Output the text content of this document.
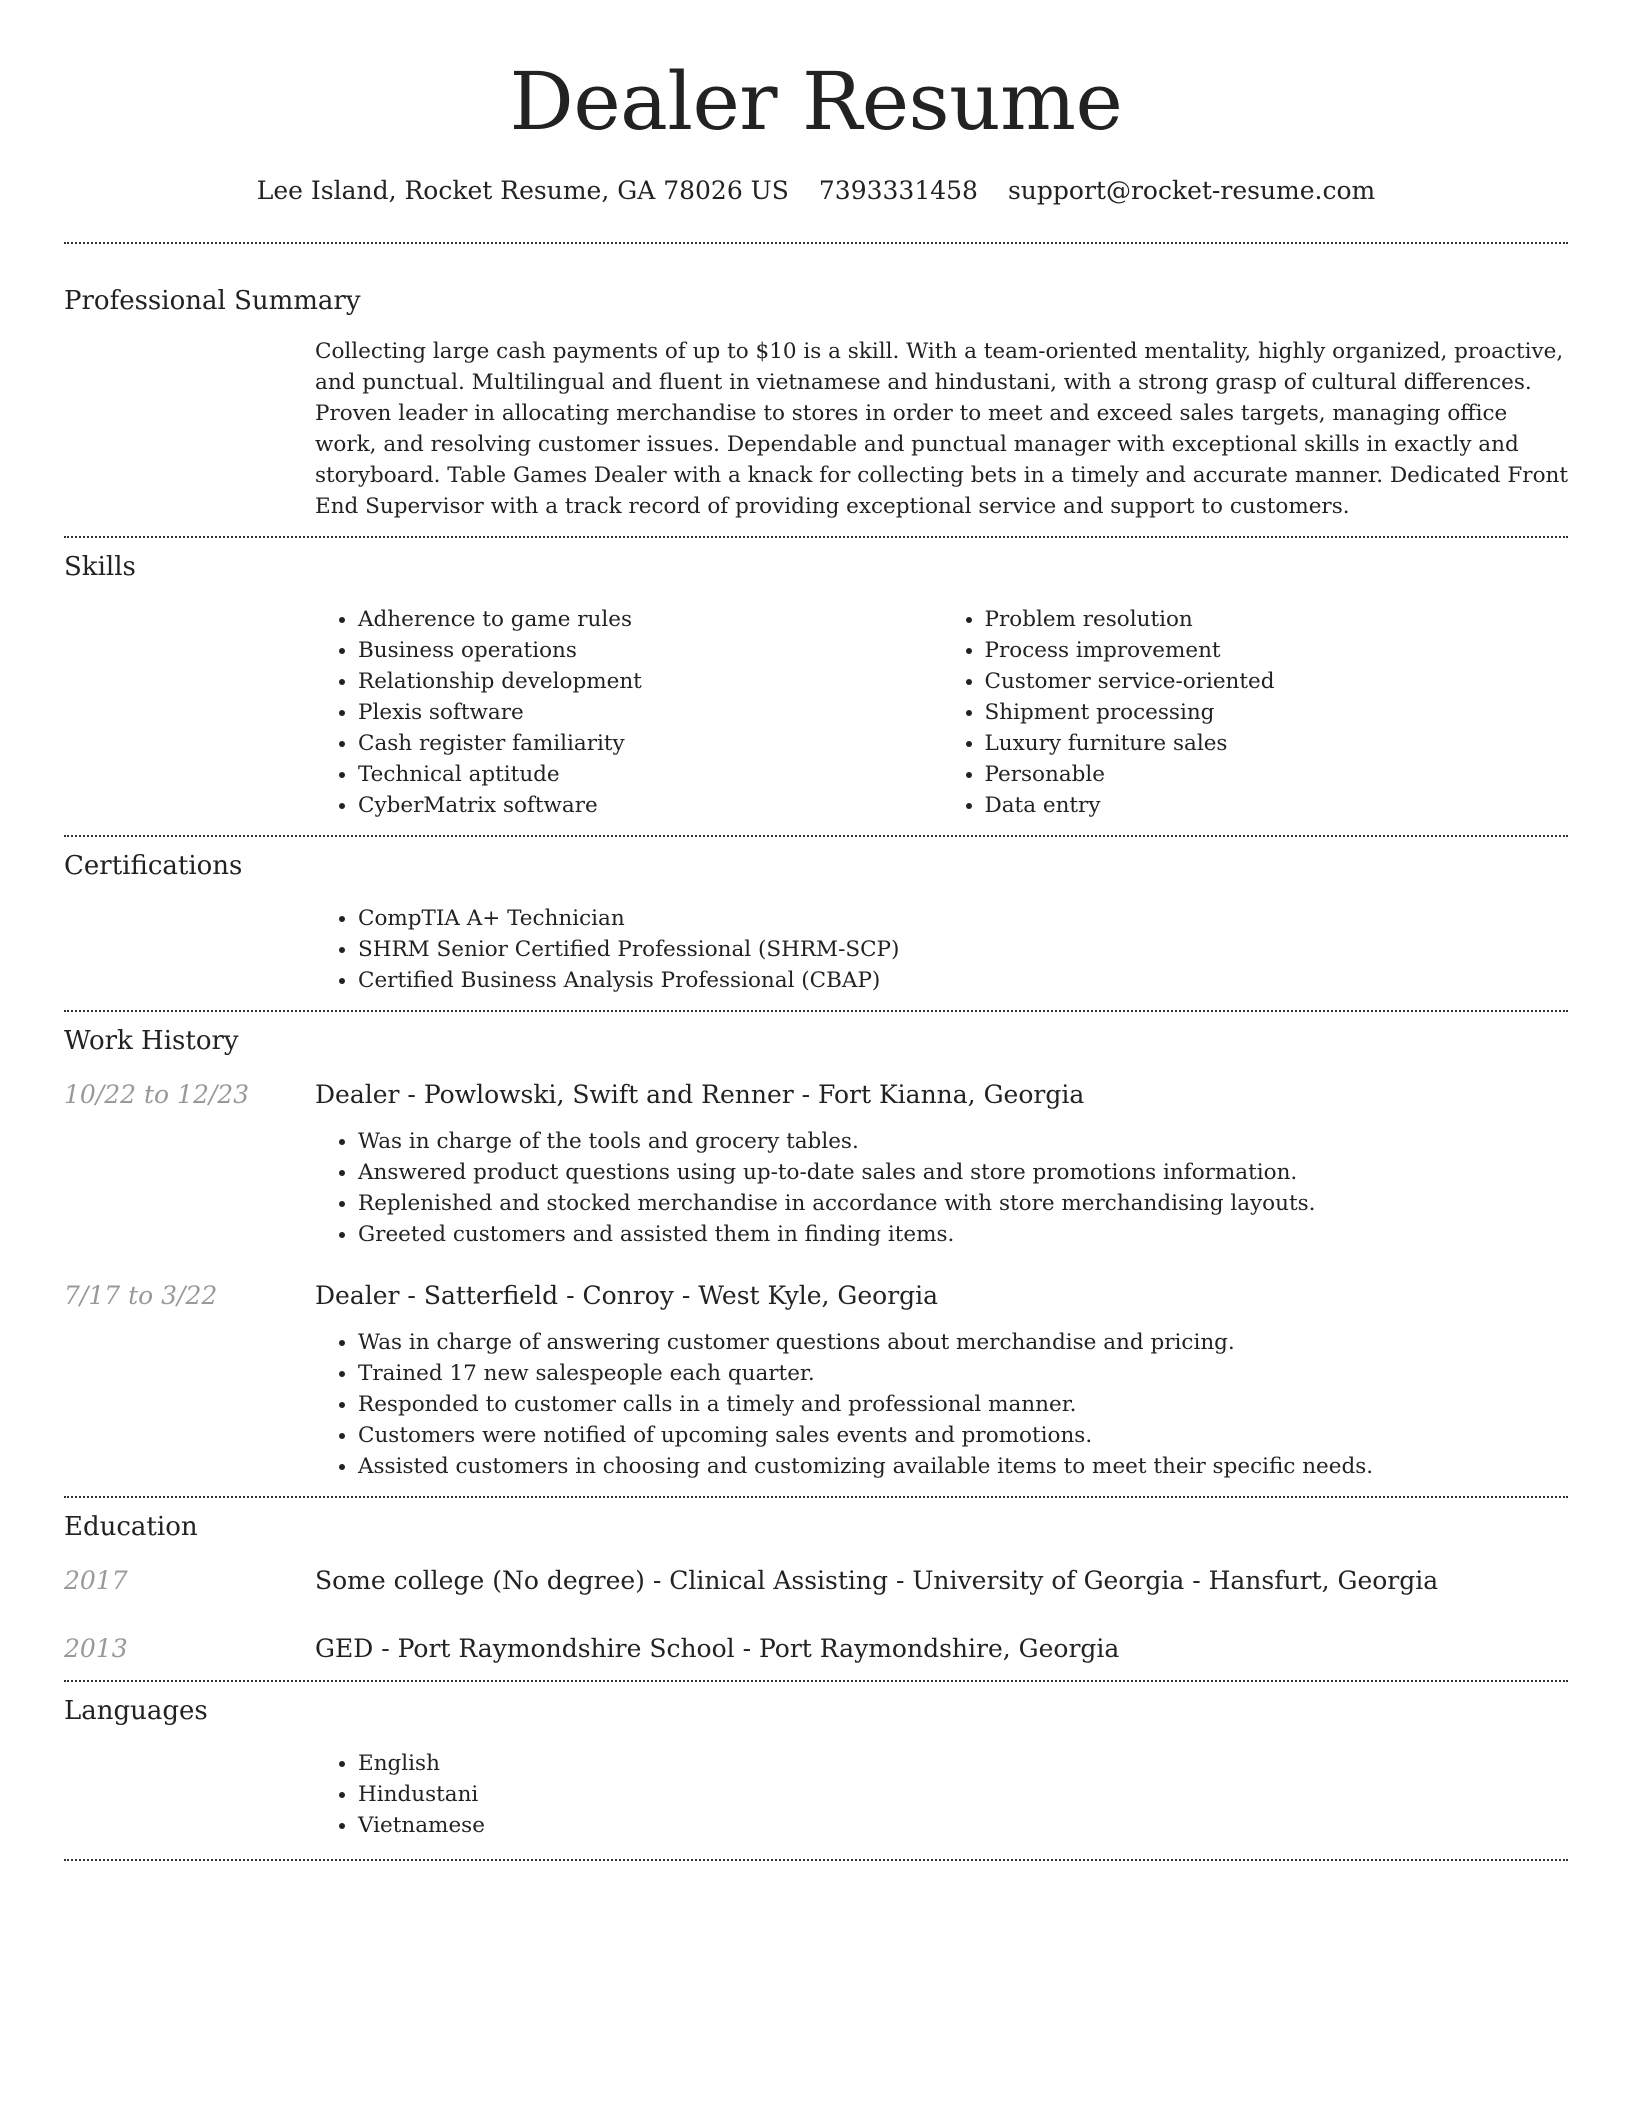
Dealer Resume
Lee Island, Rocket Resume, GA 78026 US 7393331458 support@rocket-resume.com
Professional Summary
Collecting large cash payments of up to $10 is a skill. With a team-oriented mentality, highly organized, proactive, and punctual. Multilingual and fluent in vietnamese and hindustani, with a strong grasp of cultural differences. Proven leader in allocating merchandise to stores in order to meet and exceed sales targets, managing office work, and resolving customer issues. Dependable and punctual manager with exceptional skills in exactly and storyboard. Table Games Dealer with a knack for collecting bets in a timely and accurate manner. Dedicated Front End Supervisor with a track record of providing exceptional service and support to customers.
Skills
• Adherence to game rules
• Business operations
• Relationship development
• Plexis software
• Cash register familiarity
• Technical aptitude
• CyberMatrix software
• Problem resolution
• Process improvement
• Customer service-oriented
• Shipment processing
• Luxury furniture sales
• Personable
• Data entry
Certifications
• CompTIA A+ Technician
• SHRM Senior Certified Professional (SHRM-SCP)
• Certified Business Analysis Professional (CBAP)
Work History
10/22 to 12/23	Dealer - Powlowski, Swift and Renner - Fort Kianna, Georgia
• Was in charge of the tools and grocery tables.
• Answered product questions using up-to-date sales and store promotions information.
• Replenished and stocked merchandise in accordance with store merchandising layouts.
• Greeted customers and assisted them in finding items.
7/17 to 3/22	Dealer - Satterfield - Conroy - West Kyle, Georgia
• Was in charge of answering customer questions about merchandise and pricing.
• Trained 17 new salespeople each quarter.
• Responded to customer calls in a timely and professional manner.
• Customers were notified of upcoming sales events and promotions.
• Assisted customers in choosing and customizing available items to meet their specific needs.
Education
2017	Some college (No degree) - Clinical Assisting - University of Georgia - Hansfurt, Georgia
2013	GED - Port Raymondshire School - Port Raymondshire, Georgia
Languages
• English
• Hindustani
• Vietnamese
